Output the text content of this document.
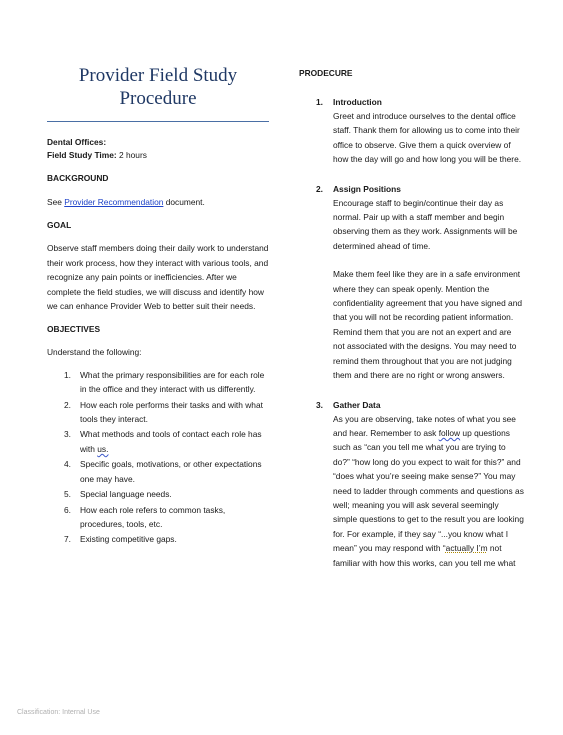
Provider Field Study Procedure
Dental Offices:
Field Study Time: 2 hours
BACKGROUND

See Provider Recommendation document.

GOAL

Observe staff members doing their daily work to understand their work process, how they interact with various tools, and recognize any pain points or inefficiencies. After we complete the field studies, we will discuss and identify how we can enhance Provider Web to better suit their needs.

OBJECTIVES

Understand the following:

1. What the primary responsibilities are for each role in the office and they interact with us differently.
2. How each role performs their tasks and with what tools they interact.
3. What methods and tools of contact each role has with us.
4. Specific goals, motivations, or other expectations one may have.
5. Special language needs.
6. How each role refers to common tasks, procedures, tools, etc.
7. Existing competitive gaps.
PRODECURE
1. Introduction

Greet and introduce ourselves to the dental office staff. Thank them for allowing us to come into their office to observe. Give them a quick overview of how the day will go and how long you will be there.

2. Assign Positions

Encourage staff to begin/continue their day as normal. Pair up with a staff member and begin observing them as they work. Assignments will be determined ahead of time.

Make them feel like they are in a safe environment where they can speak openly. Mention the confidentiality agreement that you have signed and that you will not be recording patient information. Remind them that you are not an expert and are not associated with the designs. You may need to remind them throughout that you are not judging them and there are no right or wrong answers.

3. Gather Data

As you are observing, take notes of what you see and hear. Remember to ask follow up questions such as “can you tell me what you are trying to do?” “how long do you expect to wait for this?” and “does what you’re seeing make sense?” You may need to ladder through comments and questions as well; meaning you will ask several seemingly simple questions to get to the result you are looking for. For example, if they say “...you know what I mean” you may respond with “actually I’m not familiar with how this works, can you tell me what

Classification: Internal Use
